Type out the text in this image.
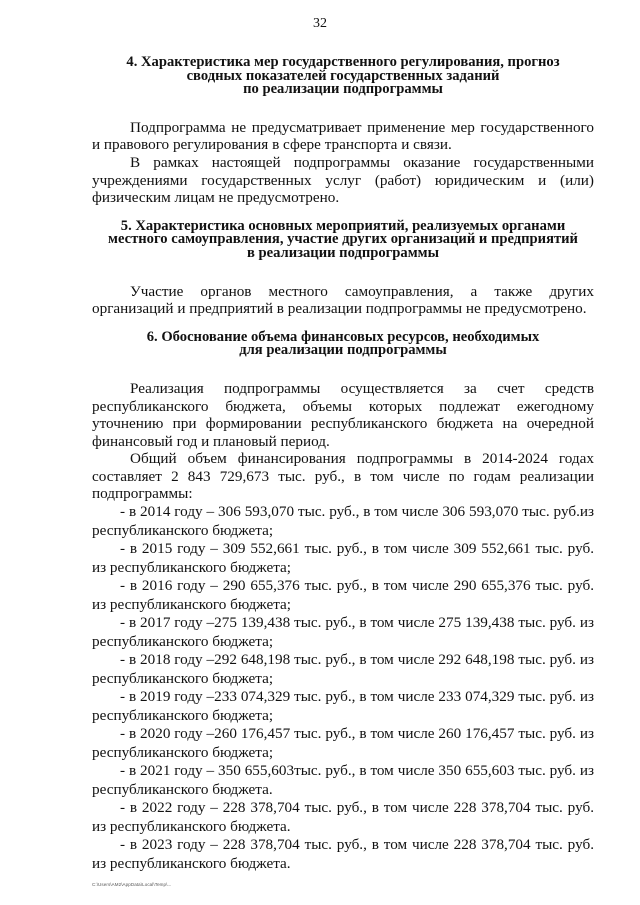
32
4. Характеристика мер государственного регулирования, прогноз
сводных показателей государственных заданий
по реализации подпрограммы

Подпрограмма не предусматривает применение мер государственного и правового регулирования в сфере транспорта и связи.

В рамках настоящей подпрограммы оказание государственными учреждениями государственных услуг (работ) юридическим и (или) физическим лицам не предусмотрено.

5. Характеристика основных мероприятий, реализуемых органами
местного самоуправления, участие других организаций и предприятий
в реализации подпрограммы

Участие органов местного самоуправления, а также других организаций и предприятий в реализации подпрограммы не предусмотрено.

6. Обоснование объема финансовых ресурсов, необходимых
для реализации подпрограммы

Реализация подпрограммы осуществляется за счет средств республиканского бюджета, объемы которых подлежат ежегодному уточнению при формировании республиканского бюджета на очередной финансовый год и плановый период.

Общий объем финансирования подпрограммы в 2014-2024 годах составляет 2 843 729,673 тыс. руб., в том числе по годам реализации подпрограммы:

- в 2014 году – 306 593,070 тыс. руб., в том числе 306 593,070 тыс. руб.из республиканского бюджета;

- в 2015 году – 309 552,661 тыс. руб., в том числе 309 552,661 тыс. руб. из республиканского бюджета;

- в 2016 году – 290 655,376 тыс. руб., в том числе 290 655,376 тыс. руб. из республиканского бюджета;

- в 2017 году –275 139,438 тыс. руб., в том числе 275 139,438 тыс. руб. из республиканского бюджета;

- в 2018 году –292 648,198 тыс. руб., в том числе 292 648,198 тыс. руб. из республиканского бюджета;

- в 2019 году –233 074,329 тыс. руб., в том числе 233 074,329 тыс. руб. из республиканского бюджета;

- в 2020 году –260 176,457 тыс. руб., в том числе 260 176,457 тыс. руб. из республиканского бюджета;

- в 2021 году – 350 655,603тыс. руб., в том числе 350 655,603 тыс. руб. из республиканского бюджета.

- в 2022 году – 228 378,704 тыс. руб., в том числе 228 378,704 тыс. руб. из республиканского бюджета.

- в 2023 году – 228 378,704 тыс. руб., в том числе 228 378,704 тыс. руб. из республиканского бюджета.

С:\Users\AM2\AppData\Local\Temp\...
